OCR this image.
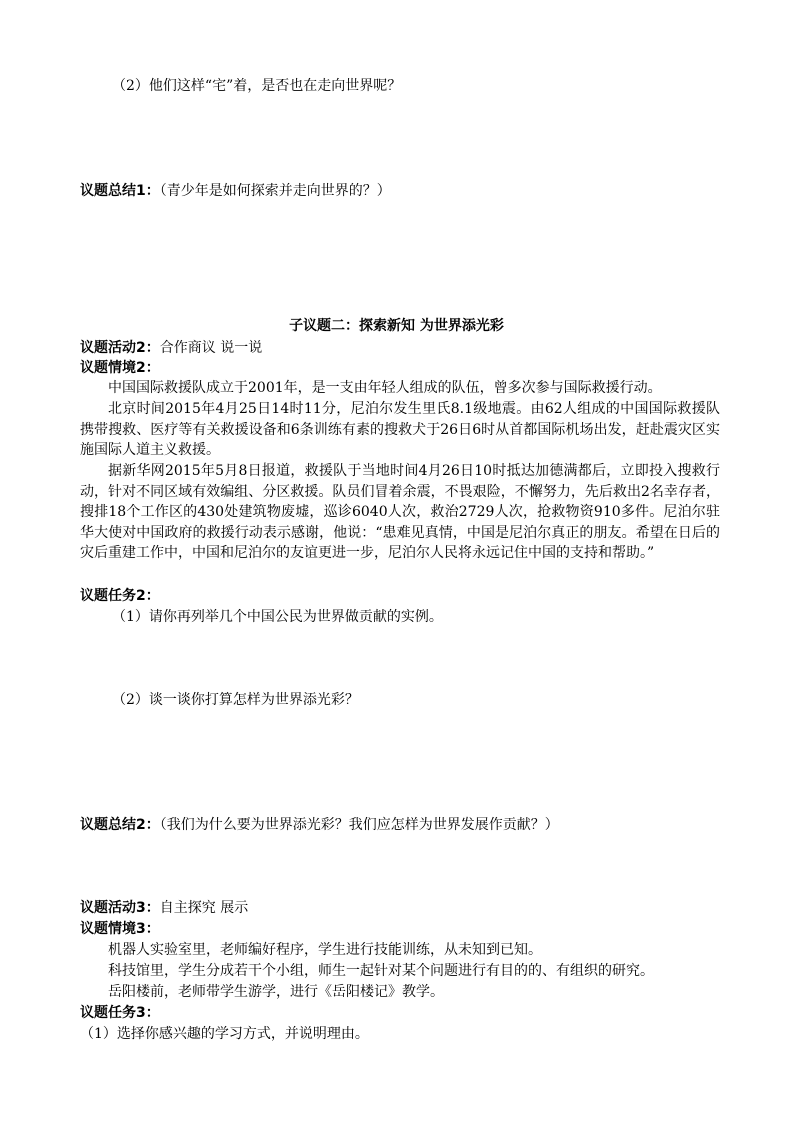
（2）他们这样“宅”着，是否也在走向世界呢？
议题总结1：（青少年是如何探索并走向世界的？）
子议题二：探索新知 为世界添光彩
议题活动2：合作商议 说一说
议题情境2：
中国国际救援队成立于2001年，是一支由年轻人组成的队伍，曾多次参与国际救援行动。
北京时间2015年4月25日14时11分，尼泊尔发生里氏8.1级地震。由62人组成的中国国际救援队携带搜救、医疗等有关救援设备和6条训练有素的搜救犬于26日6时从首都国际机场出发，赶赴震灾区实施国际人道主义救援。
据新华网2015年5月8日报道，救援队于当地时间4月26日10时抵达加德满都后，立即投入搜救行动，针对不同区域有效编组、分区救援。队员们冒着余震，不畏艰险，不懈努力，先后救出2名幸存者，搜排18个工作区的430处建筑物废墟，巡诊6040人次，救治2729人次，抢救物资910多件。尼泊尔驻华大使对中国政府的救援行动表示感谢，他说：“患难见真情，中国是尼泊尔真正的朋友。希望在日后的灾后重建工作中，中国和尼泊尔的友谊更进一步，尼泊尔人民将永远记住中国的支持和帮助。”
议题任务2：
（1）请你再列举几个中国公民为世界做贡献的实例。
（2）谈一谈你打算怎样为世界添光彩？
议题总结2：（我们为什么要为世界添光彩？我们应怎样为世界发展作贡献？）
议题活动3：自主探究 展示
议题情境3：
机器人实验室里，老师编好程序，学生进行技能训练，从未知到已知。
科技馆里，学生分成若干个小组，师生一起针对某个问题进行有目的的、有组织的研究。
岳阳楼前，老师带学生游学，进行《岳阳楼记》教学。
议题任务3：
（1）选择你感兴趣的学习方式，并说明理由。
